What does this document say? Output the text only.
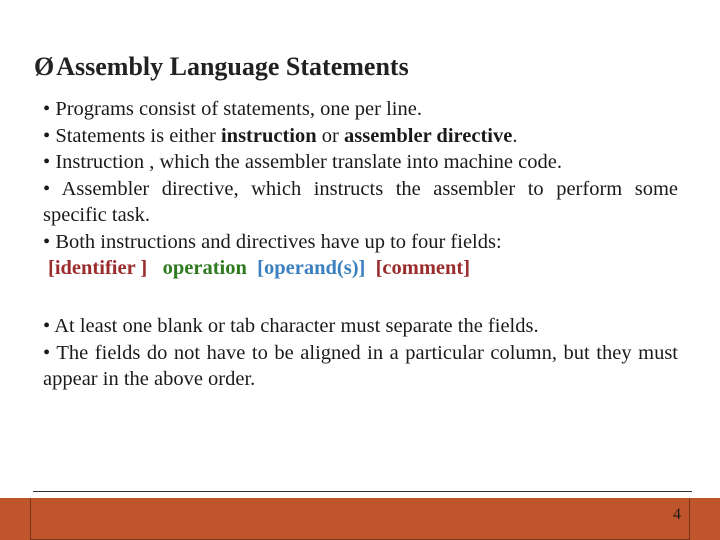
ØAssembly Language Statements
• Programs consist of statements, one per line.
• Statements is either instruction or assembler directive.
• Instruction , which the assembler translate into machine code.
• Assembler directive, which instructs the assembler to perform some specific task.
• Both instructions and directives have up to four fields:
[identifier ] operation [operand(s)] [comment]
• At least one blank or tab character must separate the fields.
• The fields do not have to be aligned in a particular column, but they must appear in the above order.
4
